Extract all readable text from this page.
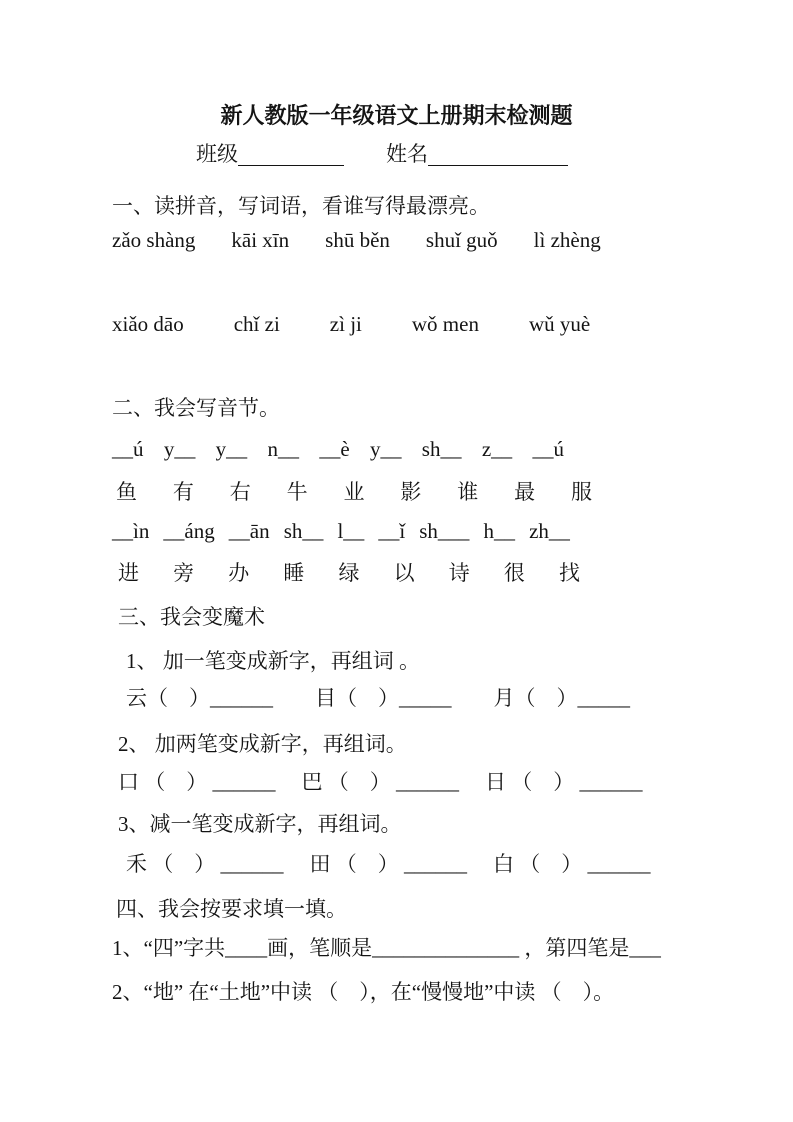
新人教版一年级语文上册期末检测题
班级	姓名
一、读拼音，写词语，看谁写得最漂亮。
zǎo shàng kāi xīn shū běn shuǐ guǒ lì zhèng
xiǎo dāo chǐ zi zì ji wǒ men wǔ yuè
二、我会写音节。
__ú y__ y__ n__ __è y__ sh__ z__ __ú
鱼 有 右 牛 业 影 谁 最 服
__ìn __áng __ān sh__ l__ __ǐ sh___ h__ zh__
进 旁 办 睡 绿 以 诗 很 找
三、我会变魔术
1、 加一笔变成新字，再组词 。
云（　）______ 目（　）_____ 月（　）_____
2、 加两笔变成新字，再组词。
口 （　） ______ 巴 （　） ______ 日 （　） ______
3、减一笔变成新字，再组词。
禾 （　） ______ 田 （　） ______ 白 （　） ______
四、我会按要求填一填。
1、“四”字共____画，笔顺是______________ ，第四笔是___
2、“地” 在“土地”中读 （　），在“慢慢地”中读 （　）。
